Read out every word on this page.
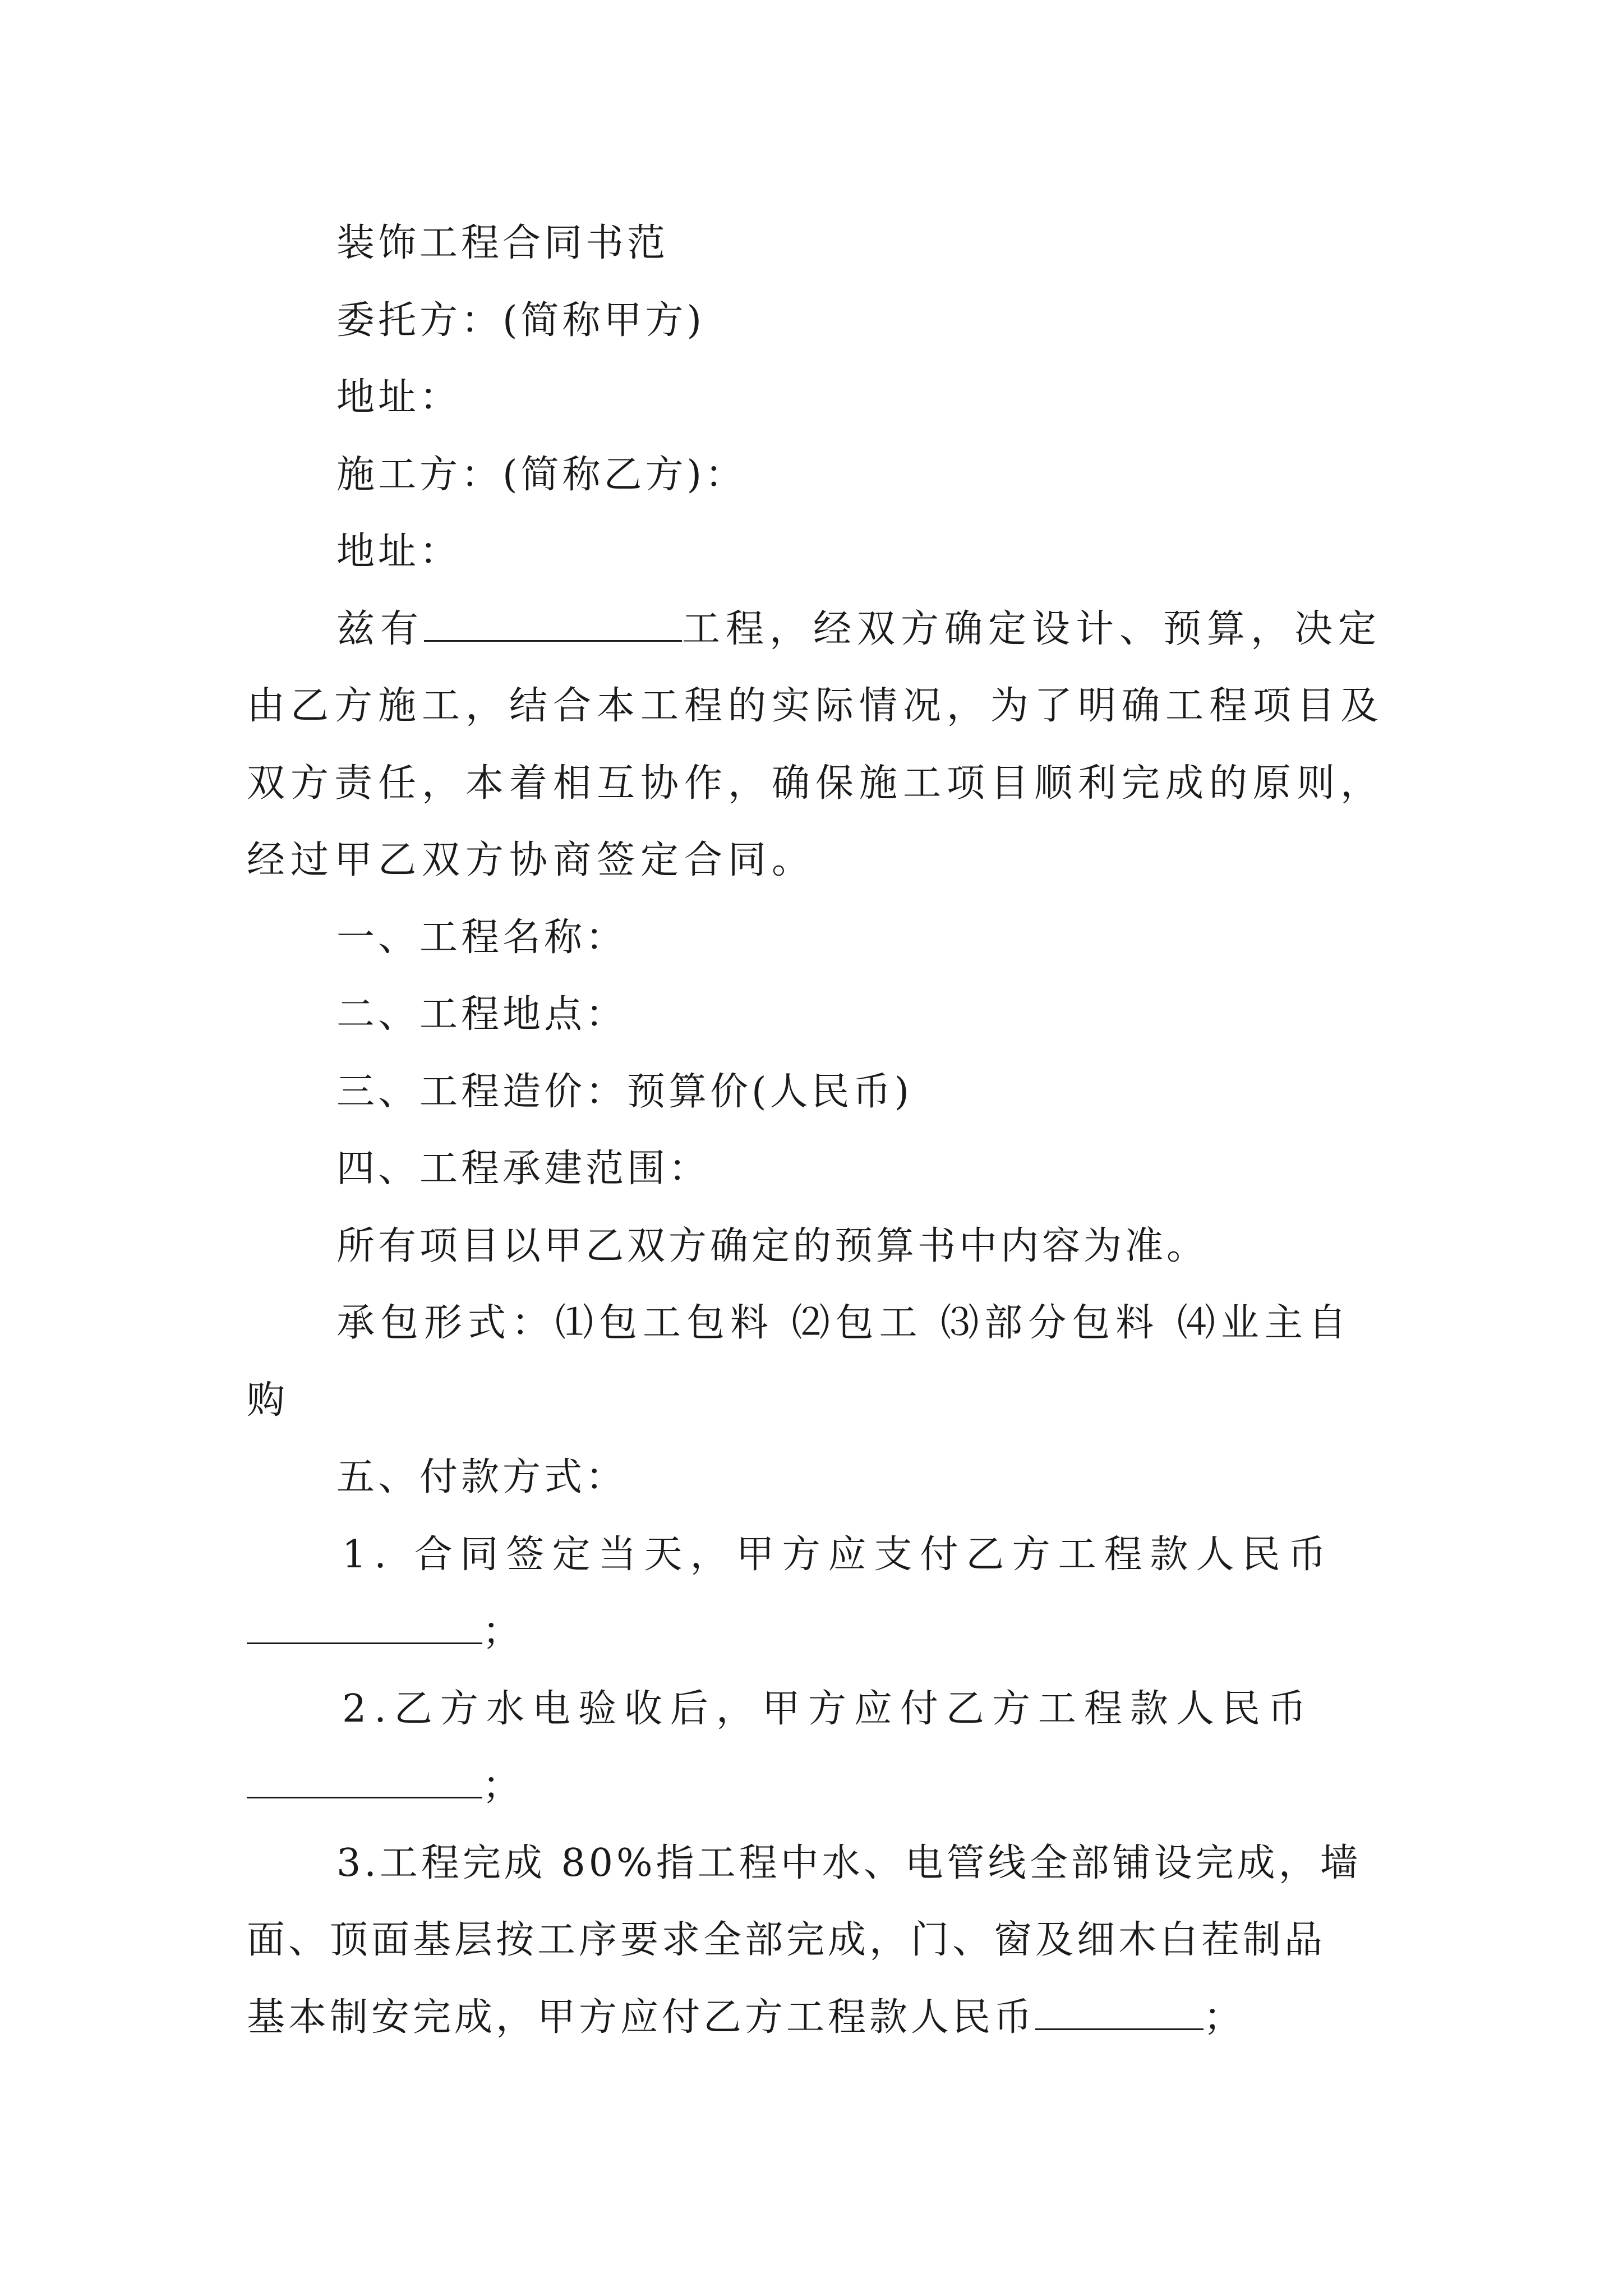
装饰工程合同书范
委托方：(简称甲方)
地址：
施工方：(简称乙方)：
地址：
兹有	工程，经双方确定设计、预算，决定
由乙方施工，结合本工程的实际情况，为了明确工程项目及
双方责任，本着相互协作，确保施工项目顺利完成的原则，
经过甲乙双方协商签定合同。
一、工程名称：
二、工程地点：
三、工程造价：预算价(人民币)
四、工程承建范围：
所有项目以甲乙双方确定的预算书中内容为准。
承包形式：⑴包工包料 ⑵包工 ⑶部分包料 ⑷业主自
购
五、付款方式：
1. 合同签定当天，甲方应支付乙方工程款人民币
；
2.乙方水电验收后，甲方应付乙方工程款人民币
；
3.工程完成 80%指工程中水、电管线全部铺设完成，墙
面、顶面基层按工序要求全部完成，门、窗及细木白茬制品
基本制安完成，甲方应付乙方工程款人民币	；
